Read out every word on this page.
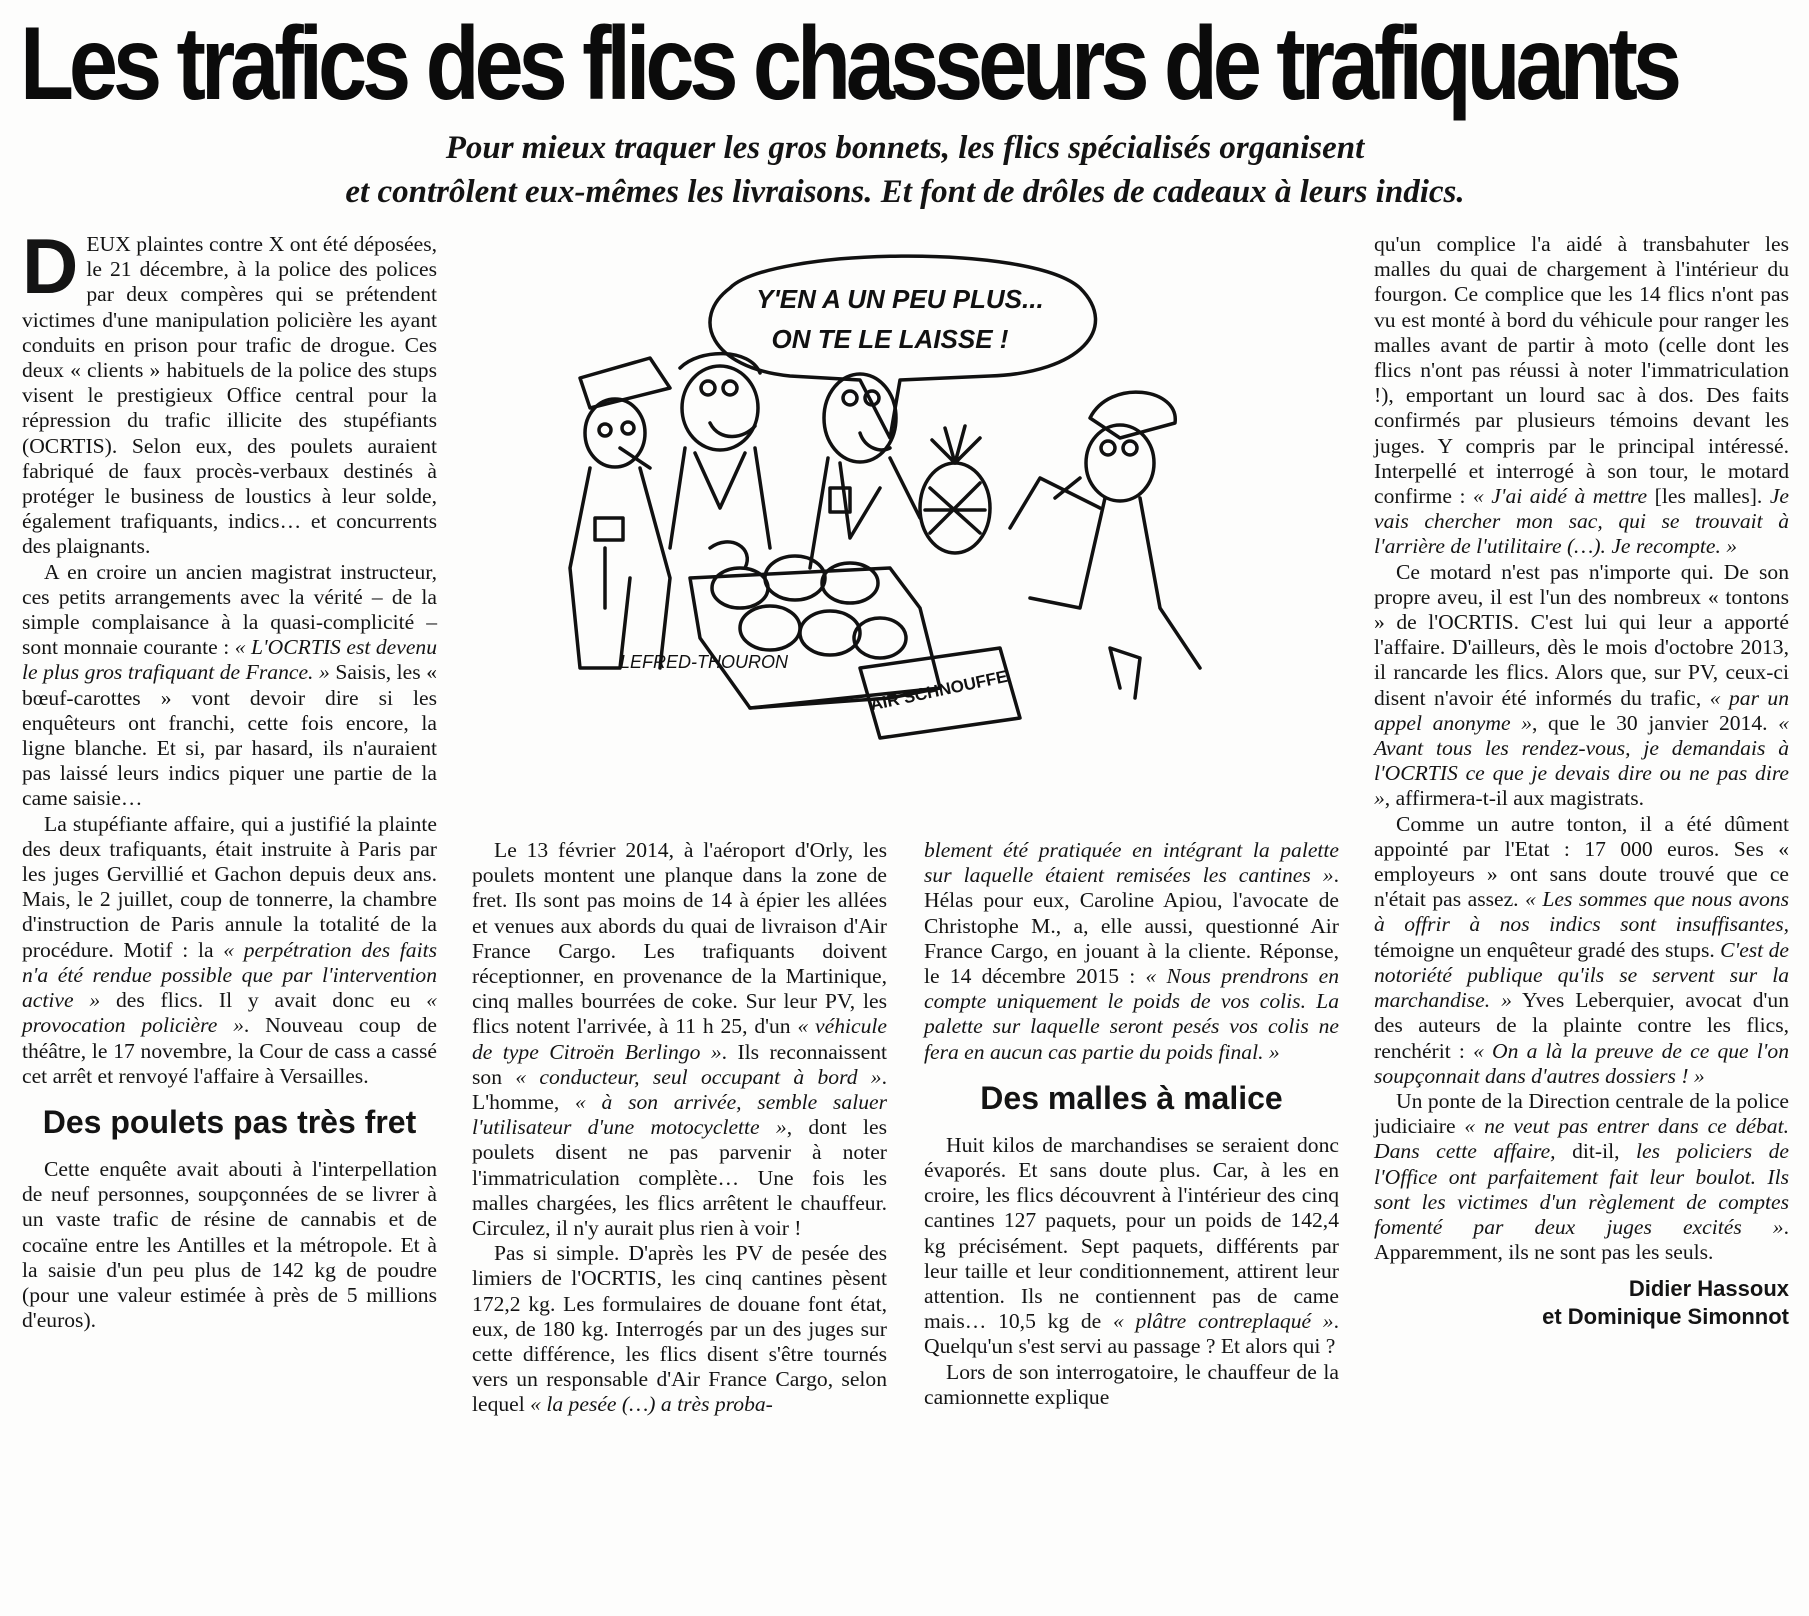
Les trafics des flics chasseurs de trafiquants
Pour mieux traquer les gros bonnets, les flics spécialisés organisent
et contrôlent eux-mêmes les livraisons. Et font de drôles de cadeaux à leurs indics.

DEUX plaintes contre X ont été déposées, le 21 décembre, à la police des polices par deux compères qui se prétendent victimes d'une manipulation policière les ayant conduits en prison pour trafic de drogue. Ces deux « clients » habituels de la police des stups visent le prestigieux Office central pour la répression du trafic illicite des stupéfiants (OCRTIS). Selon eux, des poulets auraient fabriqué de faux procès-verbaux destinés à protéger le business de loustics à leur solde, également trafiquants, indics… et concurrents des plaignants.

A en croire un ancien magistrat instructeur, ces petits arrangements avec la vérité – de la simple complaisance à la quasi-complicité – sont monnaie courante : « L'OCRTIS est devenu le plus gros trafiquant de France. » Saisis, les « bœuf-carottes » vont devoir dire si les enquêteurs ont franchi, cette fois encore, la ligne blanche. Et si, par hasard, ils n'auraient pas laissé leurs indics piquer une partie de la came saisie…

La stupéfiante affaire, qui a justifié la plainte des deux trafiquants, était instruite à Paris par les juges Gervillié et Gachon depuis deux ans. Mais, le 2 juillet, coup de tonnerre, la chambre d'instruction de Paris annule la totalité de la procédure. Motif : la « perpétration des faits n'a été rendue possible que par l'intervention active » des flics. Il y avait donc eu « provocation policière ». Nouveau coup de théâtre, le 17 novembre, la Cour de cass a cassé cet arrêt et renvoyé l'affaire à Versailles.

Des poulets pas très fret

Cette enquête avait abouti à l'interpellation de neuf personnes, soupçonnées de se livrer à un vaste trafic de résine de cannabis et de cocaïne entre les Antilles et la métropole. Et à la saisie d'un peu plus de 142 kg de poudre (pour une valeur estimée à près de 5 millions d'euros).

Y'EN A UN PEU PLUS...
ON TE LE LAISSE !
AIR SCHNOUFFE
LEFRED-THOURON

Le 13 février 2014, à l'aéroport d'Orly, les poulets montent une planque dans la zone de fret. Ils sont pas moins de 14 à épier les allées et venues aux abords du quai de livraison d'Air France Cargo. Les trafiquants doivent réceptionner, en provenance de la Martinique, cinq malles bourrées de coke. Sur leur PV, les flics notent l'arrivée, à 11 h 25, d'un « véhicule de type Citroën Berlingo ». Ils reconnaissent son « conducteur, seul occupant à bord ». L'homme, « à son arrivée, semble saluer l'utilisateur d'une motocyclette », dont les poulets disent ne pas parvenir à noter l'immatriculation complète… Une fois les malles chargées, les flics arrêtent le chauffeur. Circulez, il n'y aurait plus rien à voir !

Pas si simple. D'après les PV de pesée des limiers de l'OCRTIS, les cinq cantines pèsent 172,2 kg. Les formulaires de douane font état, eux, de 180 kg. Interrogés par un des juges sur cette différence, les flics disent s'être tournés vers un responsable d'Air France Cargo, selon lequel « la pesée (…) a très proba-

blement été pratiquée en intégrant la palette sur laquelle étaient remisées les cantines ». Hélas pour eux, Caroline Apiou, l'avocate de Christophe M., a, elle aussi, questionné Air France Cargo, en jouant à la cliente. Réponse, le 14 décembre 2015 : « Nous prendrons en compte uniquement le poids de vos colis. La palette sur laquelle seront pesés vos colis ne fera en aucun cas partie du poids final. »

Des malles à malice

Huit kilos de marchandises se seraient donc évaporés. Et sans doute plus. Car, à les en croire, les flics découvrent à l'intérieur des cinq cantines 127 paquets, pour un poids de 142,4 kg précisément. Sept paquets, différents par leur taille et leur conditionnement, attirent leur attention. Ils ne contiennent pas de came mais… 10,5 kg de « plâtre contreplaqué ». Quelqu'un s'est servi au passage ? Et alors qui ?

Lors de son interrogatoire, le chauffeur de la camionnette explique

qu'un complice l'a aidé à transbahuter les malles du quai de chargement à l'intérieur du fourgon. Ce complice que les 14 flics n'ont pas vu est monté à bord du véhicule pour ranger les malles avant de partir à moto (celle dont les flics n'ont pas réussi à noter l'immatriculation !), emportant un lourd sac à dos. Des faits confirmés par plusieurs témoins devant les juges. Y compris par le principal intéressé. Interpellé et interrogé à son tour, le motard confirme : « J'ai aidé à mettre [les malles]. Je vais chercher mon sac, qui se trouvait à l'arrière de l'utilitaire (…). Je recompte. »

Ce motard n'est pas n'importe qui. De son propre aveu, il est l'un des nombreux « tontons » de l'OCRTIS. C'est lui qui leur a apporté l'affaire. D'ailleurs, dès le mois d'octobre 2013, il rancarde les flics. Alors que, sur PV, ceux-ci disent n'avoir été informés du trafic, « par un appel anonyme », que le 30 janvier 2014. « Avant tous les rendez-vous, je demandais à l'OCRTIS ce que je devais dire ou ne pas dire », affirmera-t-il aux magistrats.

Comme un autre tonton, il a été dûment appointé par l'Etat : 17 000 euros. Ses « employeurs » ont sans doute trouvé que ce n'était pas assez. « Les sommes que nous avons à offrir à nos indics sont insuffisantes, témoigne un enquêteur gradé des stups. C'est de notoriété publique qu'ils se servent sur la marchandise. » Yves Leberquier, avocat d'un des auteurs de la plainte contre les flics, renchérit : « On a là la preuve de ce que l'on soupçonnait dans d'autres dossiers ! »

Un ponte de la Direction centrale de la police judiciaire « ne veut pas entrer dans ce débat. Dans cette affaire, dit-il, les policiers de l'Office ont parfaitement fait leur boulot. Ils sont les victimes d'un règlement de comptes fomenté par deux juges excités ». Apparemment, ils ne sont pas les seuls.

Didier Hassoux
et Dominique Simonnot
